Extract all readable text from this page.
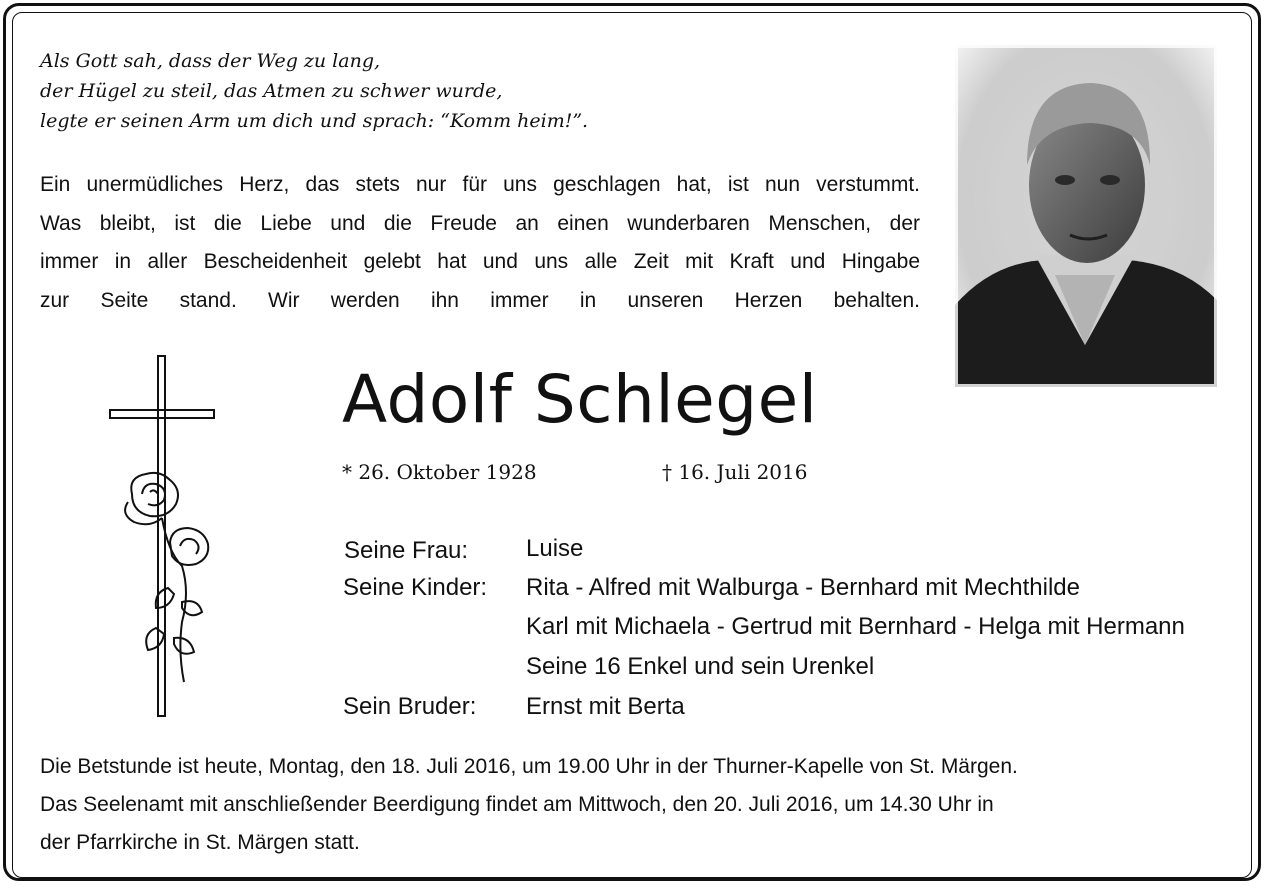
Als Gott sah, dass der Weg zu lang,
der Hügel zu steil, das Atmen zu schwer wurde,
legte er seinen Arm um dich und sprach: “Komm heim!”.
Ein unermüdliches Herz, das stets nur für uns geschlagen hat, ist nun verstummt.
Was bleibt, ist die Liebe und die Freude an einen wunderbaren Menschen, der
immer in aller Bescheidenheit gelebt hat und uns alle Zeit mit Kraft und Hingabe
zur Seite stand. Wir werden ihn immer in unseren Herzen behalten.
Adolf Schlegel
* 26. Oktober 1928	† 16. Juli 2016
Seine Frau: Luise
Seine Kinder: Rita - Alfred mit Walburga - Bernhard mit Mechthilde
Karl mit Michaela - Gertrud mit Bernhard - Helga mit Hermann
Seine 16 Enkel und sein Urenkel
Sein Bruder: Ernst mit Berta
Die Betstunde ist heute, Montag, den 18. Juli 2016, um 19.00 Uhr in der Thurner-Kapelle von St. Märgen.
Das Seelenamt mit anschließender Beerdigung findet am Mittwoch, den 20. Juli 2016, um 14.30 Uhr in
der Pfarrkirche in St. Märgen statt.
